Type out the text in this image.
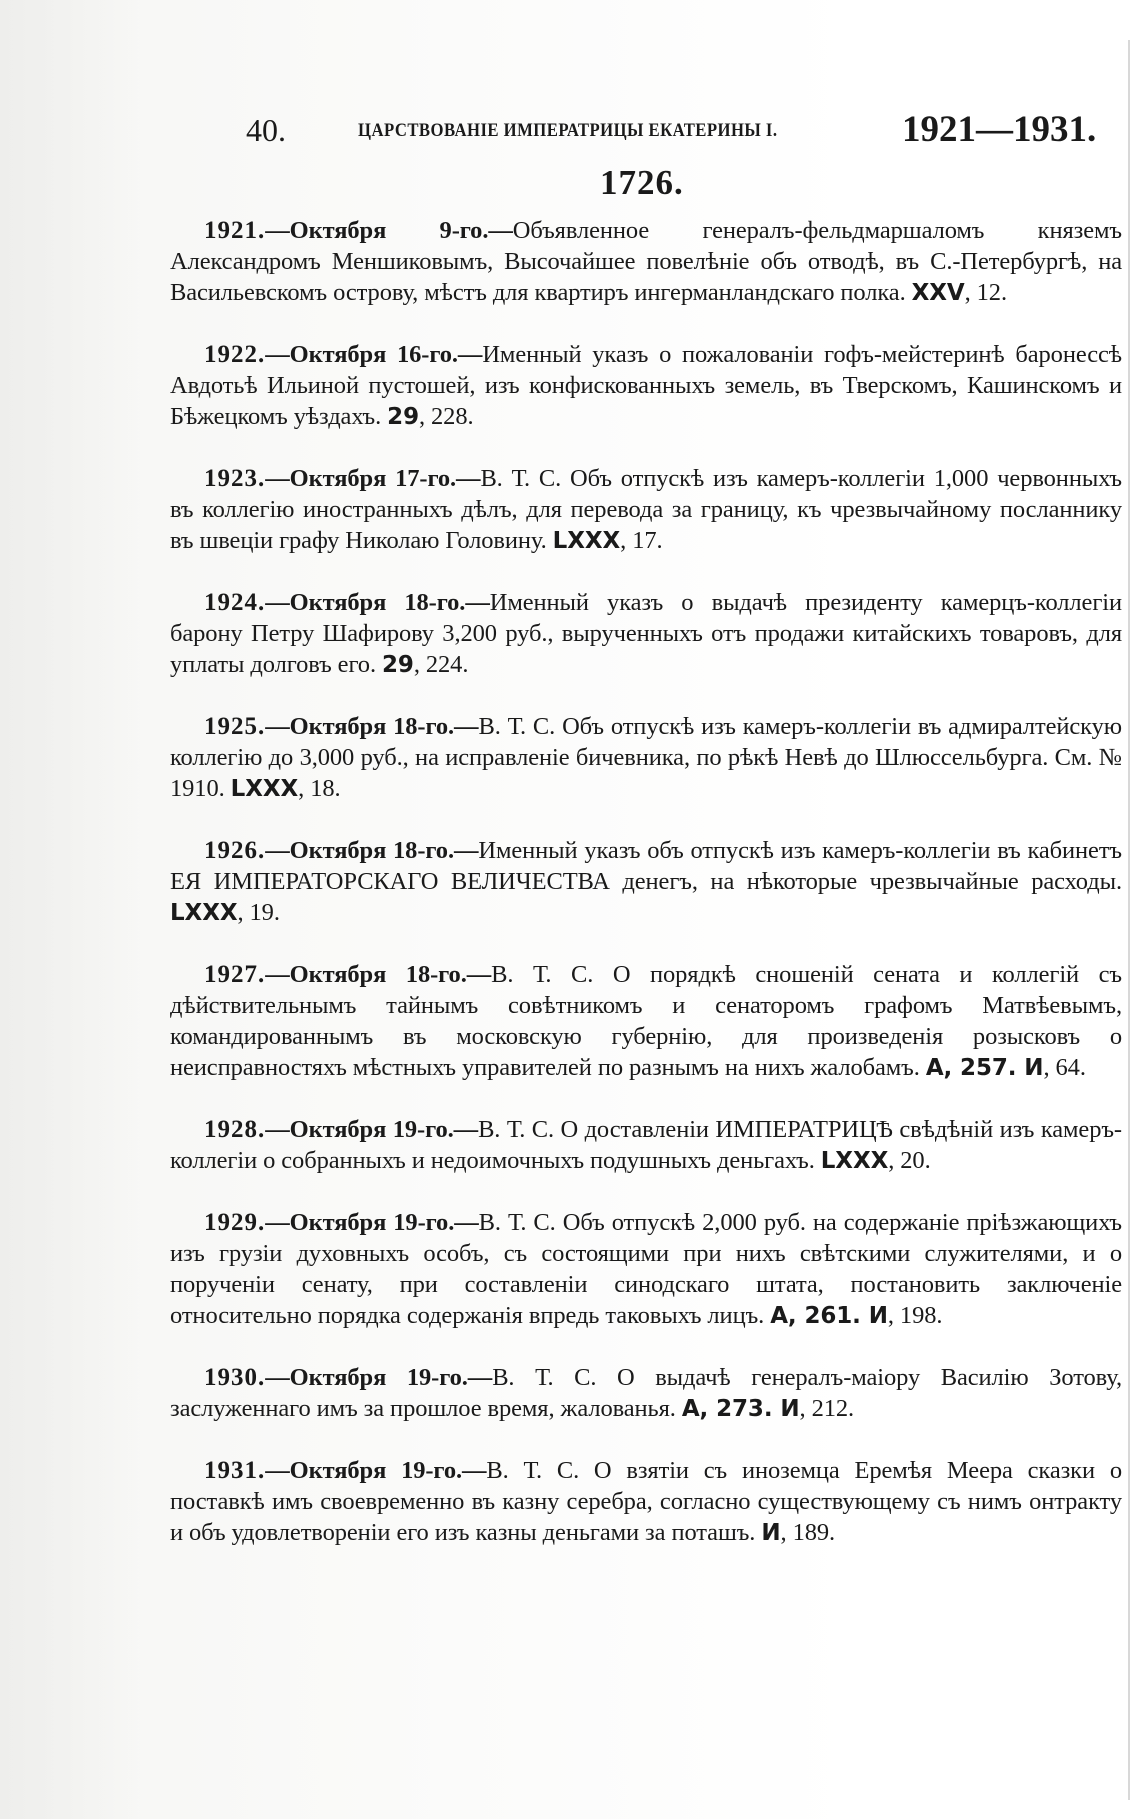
40.	ЦАРСТВОВАНІЕ ИМПЕРАТРИЦЫ ЕКАТЕРИНЫ I.	1921—1931.
1726.

1921.—Октября 9-го.—Объявленное генералъ-фельдмаршаломъ княземъ Александромъ Меншиковымъ, Высочайшее повелѣніе объ отводѣ, въ С.-Петербургѣ, на Васильевскомъ острову, мѣстъ для квартиръ ингерманландскаго полка. XXV, 12.

1922.—Октября 16-го.—Именный указъ о пожалованіи гофъ-мейстеринѣ баронессѣ Авдотьѣ Ильиной пустошей, изъ конфискованныхъ земель, въ Тверскомъ, Кашинскомъ и Бѣжецкомъ уѣздахъ. 29, 228.

1923.—Октября 17-го.—В. Т. С. Объ отпускѣ изъ камеръ-коллегіи 1,000 червонныхъ въ коллегію иностранныхъ дѣлъ, для перевода за границу, къ чрезвычайному посланнику въ швеціи графу Николаю Головину. LXXX, 17.

1924.—Октября 18-го.—Именный указъ о выдачѣ президенту камерцъ-коллегіи барону Петру Шафирову 3,200 руб., вырученныхъ отъ продажи китайскихъ товаровъ, для уплаты долговъ его. 29, 224.

1925.—Октября 18-го.—В. Т. С. Объ отпускѣ изъ камеръ-коллегіи въ адмиралтейскую коллегію до 3,000 руб., на исправленіе бичевника, по рѣкѣ Невѣ до Шлюссельбурга. См. № 1910. LXXX, 18.

1926.—Октября 18-го.—Именный указъ объ отпускѣ изъ камеръ-коллегіи въ кабинетъ ЕЯ ИМПЕРАТОРСКАГО ВЕЛИЧЕСТВА денегъ, на нѣкоторые чрезвычайные расходы. LXXX, 19.

1927.—Октября 18-го.—В. Т. С. О порядкѣ сношеній сената и коллегій съ дѣйствительнымъ тайнымъ совѣтникомъ и сенаторомъ графомъ Матвѣевымъ, командированнымъ въ московскую губернію, для произведенія розысковъ о неисправностяхъ мѣстныхъ управителей по разнымъ на нихъ жалобамъ. А, 257. И, 64.

1928.—Октября 19-го.—В. Т. С. О доставленіи ИМПЕРАТРИЦѢ свѣдѣній изъ камеръ-коллегіи о собранныхъ и недоимочныхъ подушныхъ деньгахъ. LXXX, 20.

1929.—Октября 19-го.—В. Т. С. Объ отпускѣ 2,000 руб. на содержаніе пріѣзжающихъ изъ грузіи духовныхъ особъ, съ состоящими при нихъ свѣтскими служителями, и о порученіи сенату, при составленіи синодскаго штата, постановить заключеніе относительно порядка содержанія впредь таковыхъ лицъ. А, 261. И, 198.

1930.—Октября 19-го.—В. Т. С. О выдачѣ генералъ-маіору Василію Зотову, заслуженнаго имъ за прошлое время, жалованья. А, 273. И, 212.

1931.—Октября 19-го.—В. Т. С. О взятіи съ иноземца Еремѣя Меера сказки о поставкѣ имъ своевременно въ казну серебра, согласно существующему съ нимъ онтракту и объ удовлетвореніи его изъ казны деньгами за поташъ. И, 189.
